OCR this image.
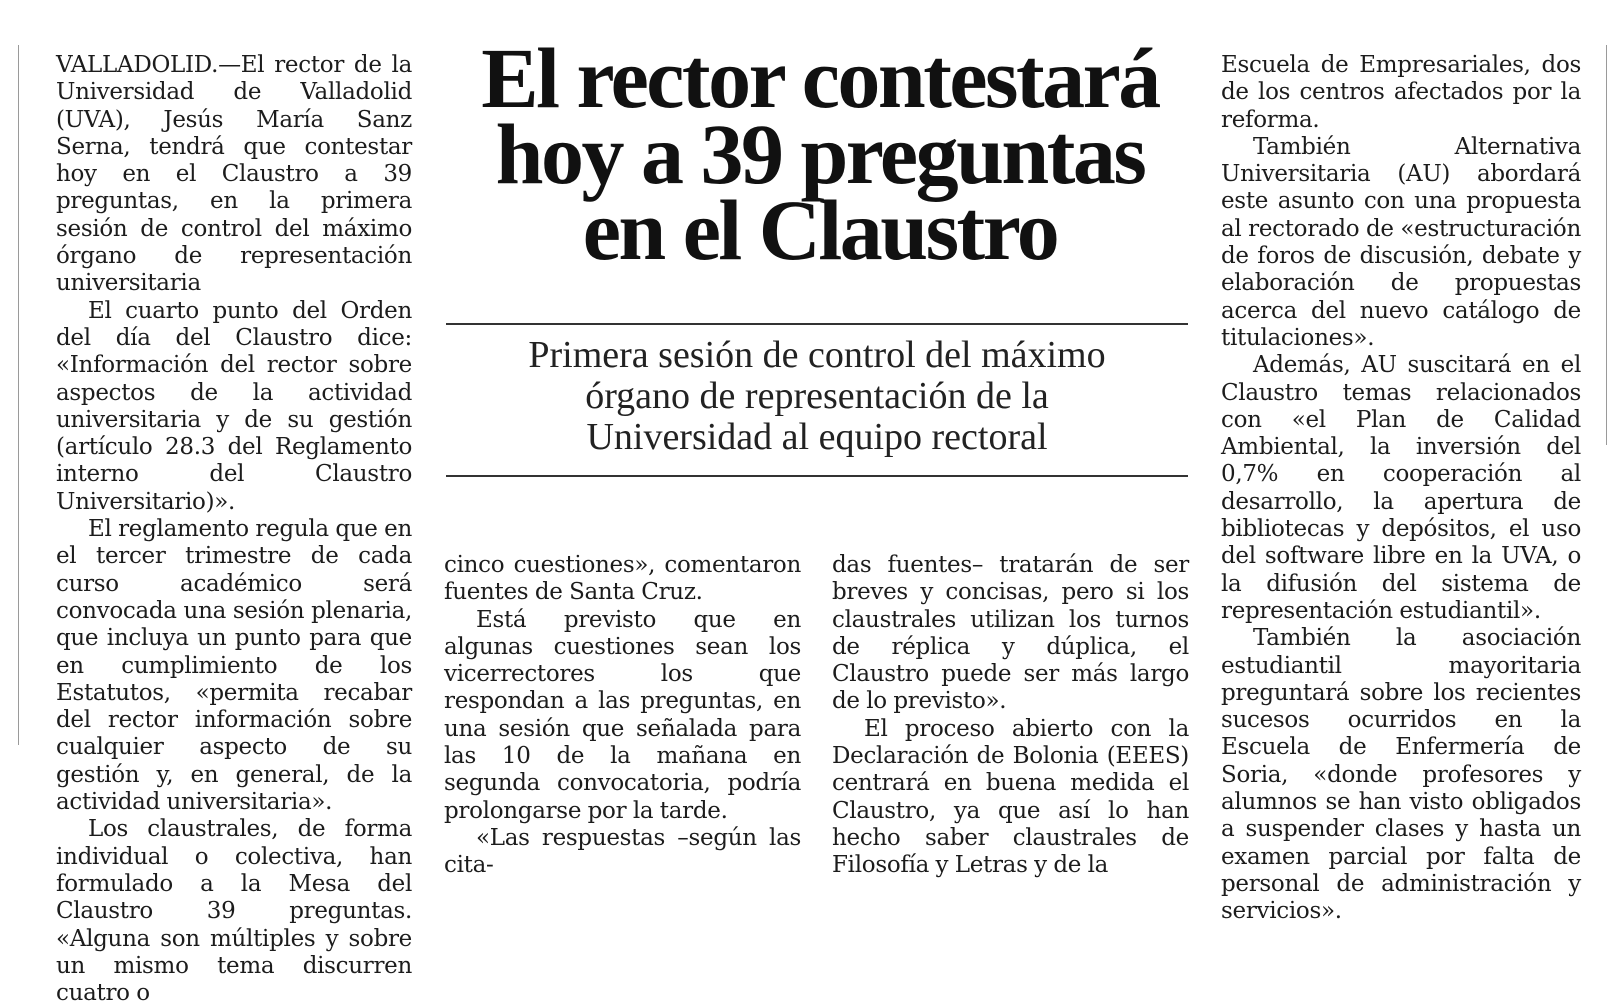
VALLADOLID.—El rector de la Universidad de Valladolid (UVA), Jesús María Sanz Serna, tendrá que contestar hoy en el Claustro a 39 preguntas, en la primera sesión de control del máximo órgano de representación universitaria

El cuarto punto del Orden del día del Claustro dice: «Información del rector sobre aspectos de la actividad universitaria y de su gestión (artículo 28.3 del Reglamento interno del Claustro Universitario)».

El reglamento regula que en el tercer trimestre de cada curso académico será convocada una sesión plenaria, que incluya un punto para que en cumplimiento de los Estatutos, «permita recabar del rector información sobre cualquier aspecto de su gestión y, en general, de la actividad universitaria».

Los claustrales, de forma individual o colectiva, han formulado a la Mesa del Claustro 39 preguntas. «Alguna son múltiples y sobre un mismo tema discurren cuatro o

El rector contestará
hoy a 39 preguntas
en el Claustro
Primera sesión de control del máximo
órgano de representación de la
Universidad al equipo rectoral

cinco cuestiones», comentaron fuentes de Santa Cruz.

Está previsto que en algunas cuestiones sean los vicerrectores los que respondan a las preguntas, en una sesión que señalada para las 10 de la mañana en segunda convocatoria, podría prolongarse por la tarde.

«Las respuestas –según las cita-

das fuentes– tratarán de ser breves y concisas, pero si los claustrales utilizan los turnos de réplica y dúplica, el Claustro puede ser más largo de lo previsto».

El proceso abierto con la Declaración de Bolonia (EEES) centrará en buena medida el Claustro, ya que así lo han hecho saber claustrales de Filosofía y Letras y de la

Escuela de Empresariales, dos de los centros afectados por la reforma.

También Alternativa Universitaria (AU) abordará este asunto con una propuesta al rectorado de «estructuración de foros de discusión, debate y elaboración de propuestas acerca del nuevo catálogo de titulaciones».

Además, AU suscitará en el Claustro temas relacionados con «el Plan de Calidad Ambiental, la inversión del 0,7% en cooperación al desarrollo, la apertura de bibliotecas y depósitos, el uso del software libre en la UVA, o la difusión del sistema de representación estudiantil».

También la asociación estudiantil mayoritaria preguntará sobre los recientes sucesos ocurridos en la Escuela de Enfermería de Soria, «donde profesores y alumnos se han visto obligados a suspender clases y hasta un examen parcial por falta de personal de administración y servicios».
